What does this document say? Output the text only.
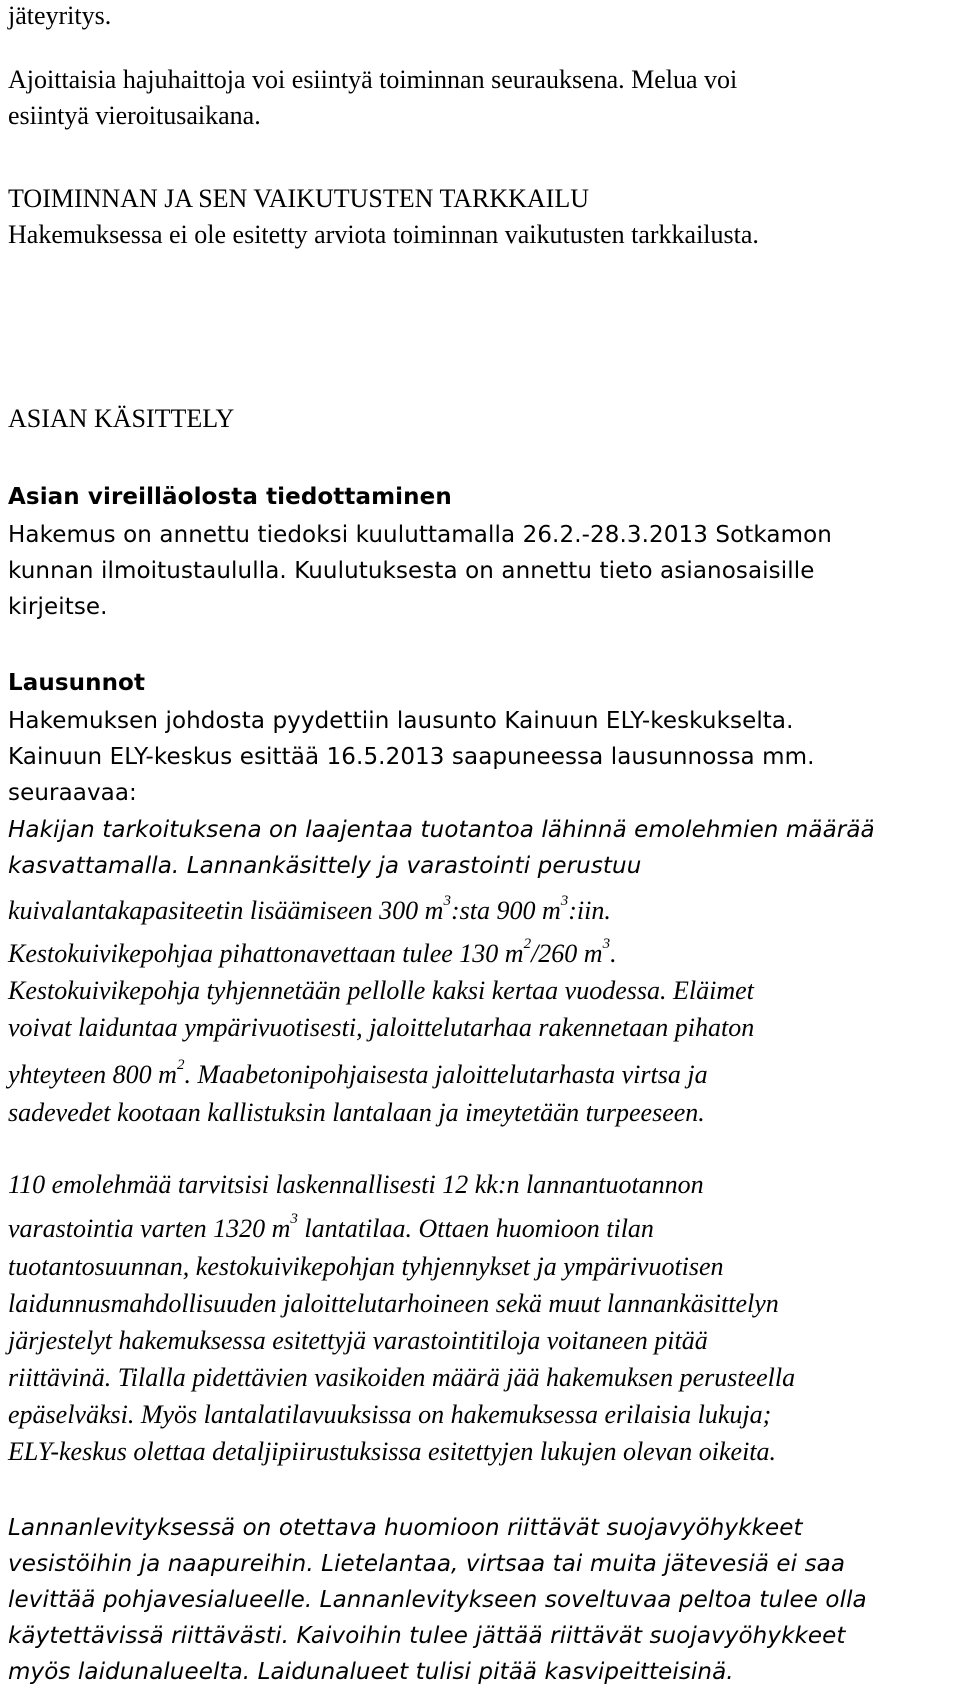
jäteyritys.
Ajoittaisia hajuhaittoja voi esiintyä toiminnan seurauksena. Melua voi
esiintyä vieroitusaikana.
TOIMINNAN JA SEN VAIKUTUSTEN TARKKAILU
Hakemuksessa ei ole esitetty arviota toiminnan vaikutusten tarkkailusta.
ASIAN KÄSITTELY
Asian vireilläolosta tiedottaminen
Hakemus on annettu tiedoksi kuuluttamalla 26.2.-28.3.2013 Sotkamon
kunnan ilmoitustaululla. Kuulutuksesta on annettu tieto asianosaisille
kirjeitse.
Lausunnot
Hakemuksen johdosta pyydettiin lausunto Kainuun ELY-keskukselta.
Kainuun ELY-keskus esittää 16.5.2013 saapuneessa lausunnossa mm.
seuraavaa:
Hakijan tarkoituksena on laajentaa tuotantoa lähinnä emolehmien määrää
kasvattamalla. Lannankäsittely ja varastointi perustuu
kuivalantakapasiteetin lisäämiseen 300 $m^3:sta$ 900 $m^3:iin$.
Kestokuivikepohjaa pihattonavettaan tulee 130 $m^2/260$ $m^3$.
Kestokuivikepohja tyhjennetään pellolle kaksi kertaa vuodessa. Eläimet
voivat laiduntaa ympärivuotisesti, jaloittelutarhaa rakennetaan pihaton
yhteyteen 800 $m^2$. Maabetonipohjaisesta jaloittelutarhasta virtsa ja
sadevedet kootaan kallistuksin lantalaan ja imeytetään turpeeseen.
110 emolehmää tarvitsisi laskennallisesti 12 kk:n lannantuotannon
varastointia varten 1320 $m^3$ lantatilaa. Ottaen huomioon tilan
tuotantosuunnan, kestokuivikepohjan tyhjennykset ja ympärivuotisen
laidunnusmahdollisuuden jaloittelutarhoineen sekä muut lannankäsittelyn
järjestelyt hakemuksessa esitettyjä varastointitiloja voitaneen pitää
riittävinä. Tilalla pidettävien vasikoiden määrä jää hakemuksen perusteella
epäselväksi. Myös lantalatilavuuksissa on hakemuksessa erilaisia lukuja;
ELY-keskus olettaa detaljipiirustuksissa esitettyjen lukujen olevan oikeita.
Lannanlevityksessä on otettava huomioon riittävät suojavyöhykkeet
vesistöihin ja naapureihin. Lietelantaa, virtsaa tai muita jätevesiä ei saa
levittää pohjavesialueelle. Lannanlevitykseen soveltuvaa peltoa tulee olla
käytettävissä riittävästi. Kaivoihin tulee jättää riittävät suojavyöhykkeet
myös laidunalueelta. Laidunalueet tulisi pitää kasvipeitteisinä.
